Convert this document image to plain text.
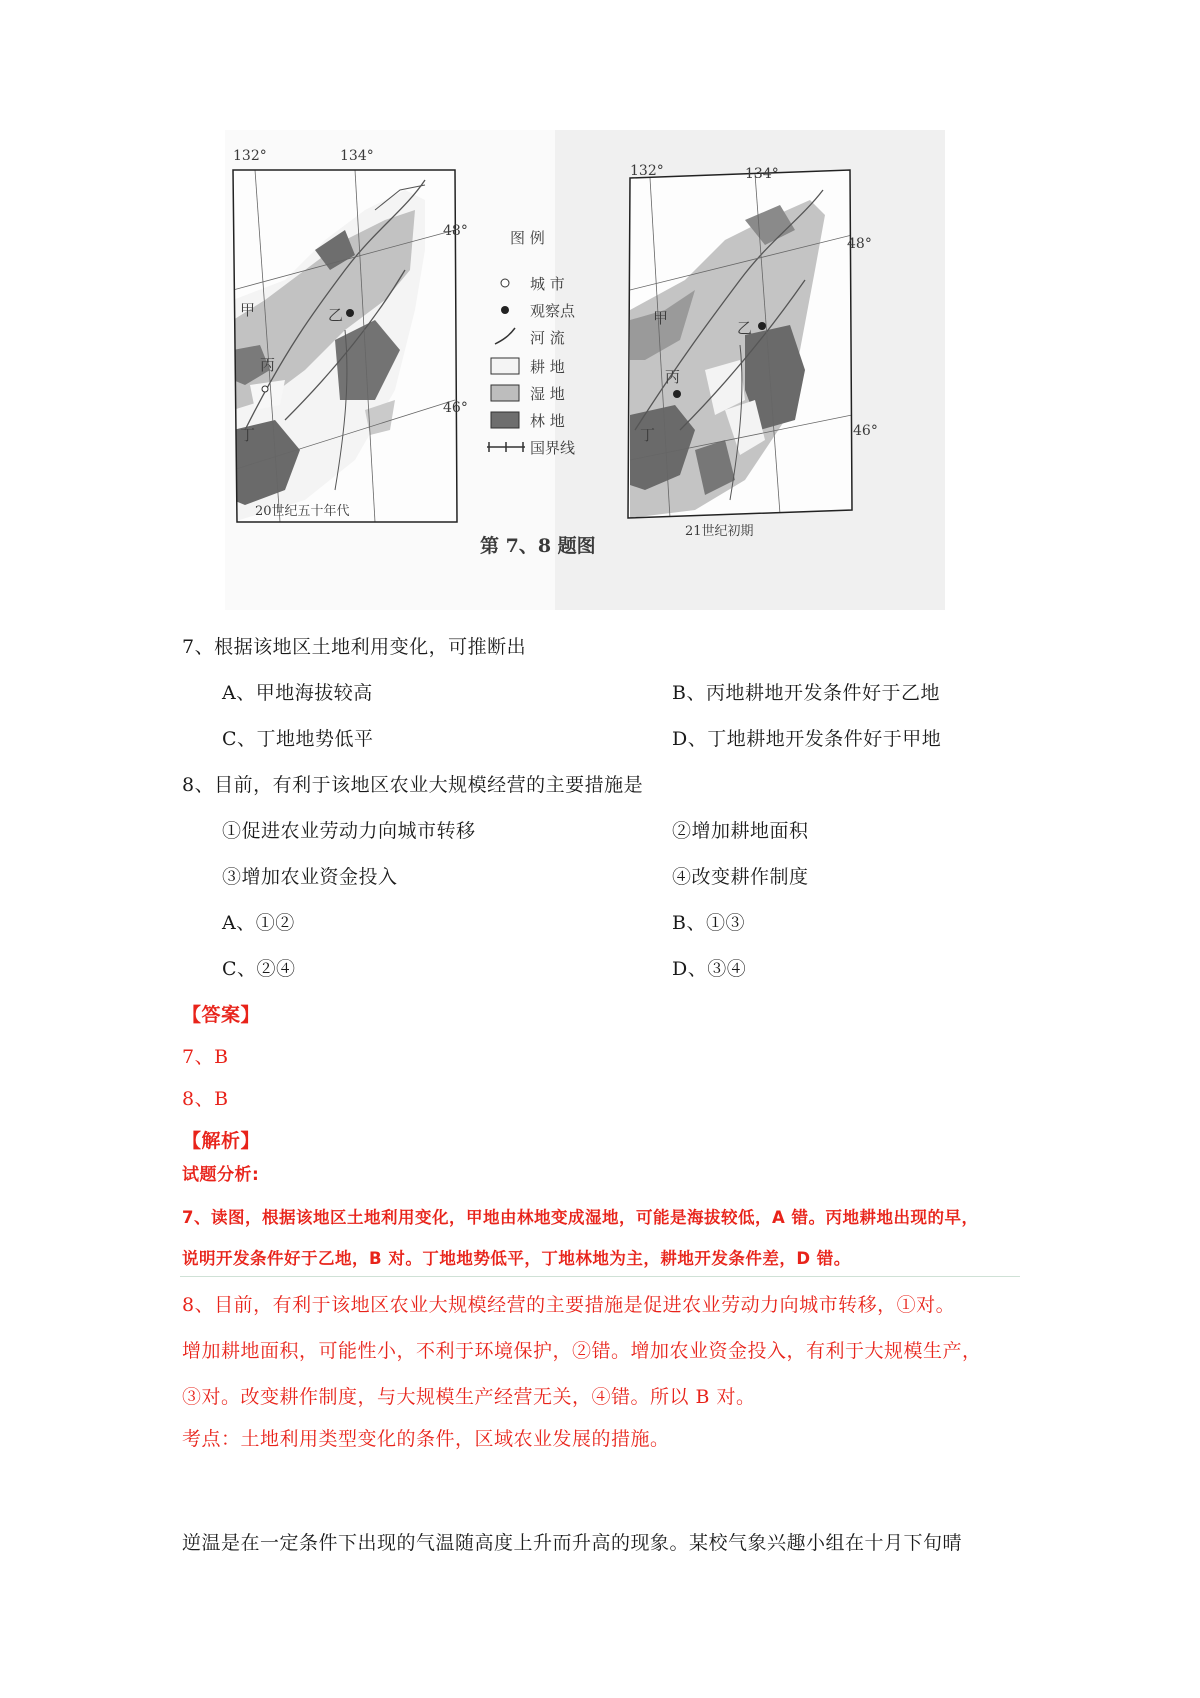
132°	134°
48°
46°
乙
甲
丙
丁
20世纪五十年代
图 例
城 市
观察点
河 流
耕 地
湿 地
林 地
国界线
第 7、8 题图
132°	134°
48°
46°
乙
甲
丙
丁
21世纪初期
7、根据该地区土地利用变化，可推断出
A、甲地海拔较高	B、丙地耕地开发条件好于乙地
C、丁地地势低平	D、丁地耕地开发条件好于甲地
8、目前，有利于该地区农业大规模经营的主要措施是
①促进农业劳动力向城市转移	②增加耕地面积
③增加农业资金投入	④改变耕作制度
A、①②	B、①③
C、②④	D、③④
【答案】
7、B
8、B
【解析】
试题分析:
7、读图，根据该地区土地利用变化，甲地由林地变成湿地，可能是海拔较低，A 错。丙地耕地出现的早，
说明开发条件好于乙地，B 对。丁地地势低平，丁地林地为主，耕地开发条件差，D 错。
8、目前，有利于该地区农业大规模经营的主要措施是促进农业劳动力向城市转移，①对。
增加耕地面积，可能性小，不利于环境保护，②错。增加农业资金投入，有利于大规模生产，
③对。改变耕作制度，与大规模生产经营无关，④错。所以 B 对。
考点：土地利用类型变化的条件，区域农业发展的措施。
逆温是在一定条件下出现的气温随高度上升而升高的现象。某校气象兴趣小组在十月下旬晴
